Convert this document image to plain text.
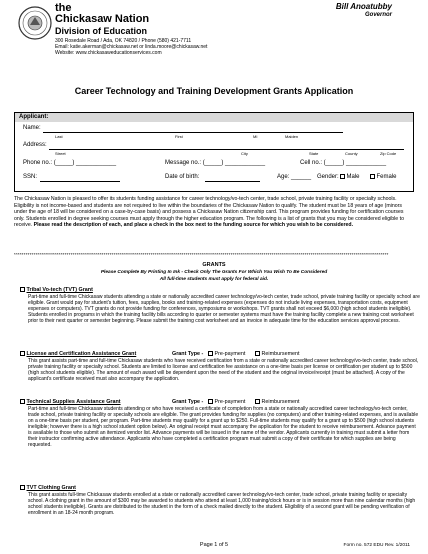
the
Chickasaw Nation
Division of Education
300 Rosedale Road / Ada, OK 74820 / Phone (580) 421-7711
Email: katie.akerman@chickasaw.net or linda.moore@chickasaw.net
Website: www.chickasaweducationservices.com
Bill Anoatubby
Governor
Career Technology and Training Development Grants Application
Applicant:
Name:
Last	First	MI	Maiden
Address:
Street	City	State	County	Zip Code
Phone no.: (_____) ____________	Message no.: (_____) ____________	Cell no.: (_____) ____________
SSN:	Date of birth:	Age: ______ Gender:	Male	Female
The Chickasaw Nation is pleased to offer its students funding assistance for career technology/vo-tech center, trade school, private training facility or specialty schools. Eligibility is not income-based and students are not required to live within the boundaries of the Chickasaw Nation to qualify. The student must be 18 years of age (minors under the age of 18 will be considered on a case-by-case basis) and possess a Chickasaw Nation citizenship card. This program provides funding for certification courses only. Students enrolled in degree seeking courses must apply through the higher education program. The following is a list of grants that you may be considered eligible to receive. Please read the description of each, and place a check in the box next to the funding source for which you wish to be considered.
************************************************************************************************************************************************************************************************
GRANTS
Please Complete By Printing In Ink - Check Only The Grants For Which You Wish To Be Considered
All full-time students must apply for federal aid.
Tribal Vo-tech (TVT) Grant
Part-time and full-time Chickasaw students attending a state or nationally accredited career technology/vo-tech center, trade school, private training facility or specialty school are eligible. Grant would pay for student's tuition, fees, supplies, books and training-related expenses (expenses do not include living expenses, transportation costs, equipment expenses or computers). TVT grants do not provide funding for conferences, symposiums or workshops. TVT grants shall not exceed $6,000 (high school students ineligible). Students enrolled in programs in which the training facility bills according to quarter or semester systems must have the training facility complete a new training cost worksheet prior to their next quarter or semester beginning. Please submit the training cost worksheet and an invoice in adequate time for the education services approval process.
License and Certification Assistance Grant	Grant Type -	Pre-payment	Reimbursement
This grant assists part-time and full-time Chickasaw students who have received certification from a state or nationally accredited career technology/vo-tech center, trade school, private training facility or specialty school. Students are limited to license and certification fee assistance on a one-time basis per license or certification per student up to $500 (high school students eligible). The amount of each award will be dependent upon the need of the student and the original invoice/receipt (must be attached). A copy of the applicant's certificate received must also accompany the application.
Technical Supplies Assistance Grant	Grant Type -	Pre-payment	Reimbursement
Part-time and full-time Chickasaw students attending or who have received a certificate of completion from a state or nationally accredited career technology/vo-tech center, trade school, private training facility or specialty schools are eligible. The grant provides funding for supplies (no computers) and other training-related expenses, and is available on a one-time basis per student, per program. Part-time students may qualify for a grant up to $250. Full-time students may qualify for a grant up to $500 (high school students ineligible; however there is a high school student option below). An original receipt must accompany the application for the student to receive reimbursement. Advance payment is available to those who submit an itemized vendor list. Advance payments will be issued in the name of the vendor. Applicants currently in training must submit a letter from their instructor confirming active attendance. Applicants who have completed a certification program must submit a copy of their certificate for which supplies are being requested.
TVT Clothing Grant
This grant assists full-time Chickasaw students enrolled at a state or nationally accredited career technology/vo-tech center, trade school, private training facility or specialty school. A clothing grant in the amount of $300 may be awarded to students who attend at least 1,000 training/clock hours or is in session more than nine calendar months (high school students ineligible). Grants are distributed to the student in the form of a check mailed directly to the student. Eligibility of a second grant will be pending verification of enrollment in an 18-24 month program.
Page 1 of 5	Form no. 572 EDU Rev. 1/2011
